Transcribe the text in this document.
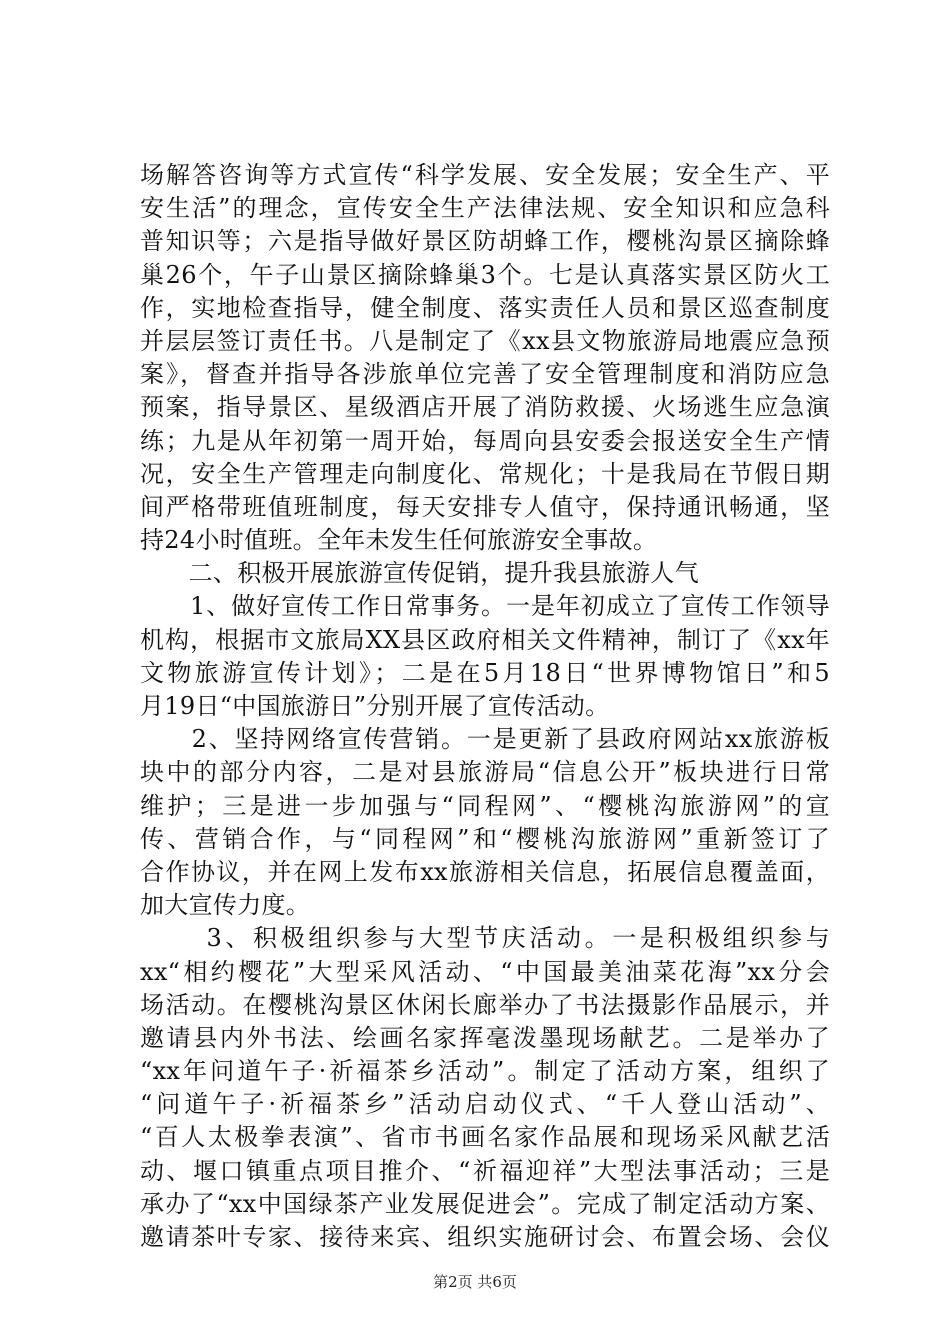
场解答咨询等方式宣传“科学发展、安全发展；安全生产、平
安生活”的理念，宣传安全生产法律法规、安全知识和应急科
普知识等；六是指导做好景区防胡蜂工作，樱桃沟景区摘除蜂
巢26个，午子山景区摘除蜂巢3个。七是认真落实景区防火工
作，实地检查指导，健全制度、落实责任人员和景区巡查制度
并层层签订责任书。八是制定了《xx县文物旅游局地震应急预
案》，督查并指导各涉旅单位完善了安全管理制度和消防应急
预案，指导景区、星级酒店开展了消防救援、火场逃生应急演
练；九是从年初第一周开始，每周向县安委会报送安全生产情
况，安全生产管理走向制度化、常规化；十是我局在节假日期
间严格带班值班制度，每天安排专人值守，保持通讯畅通，坚
持24小时值班。全年未发生任何旅游安全事故。
　　二、积极开展旅游宣传促销，提升我县旅游人气
　　1、做好宣传工作日常事务。一是年初成立了宣传工作领导
机构，根据市文旅局XX县区政府相关文件精神，制订了《xx年
文物旅游宣传计划》；二是在5月18日“世界博物馆日”和5
月19日“中国旅游日”分别开展了宣传活动。
　　2、坚持网络宣传营销。一是更新了县政府网站xx旅游板
块中的部分内容，二是对县旅游局“信息公开”板块进行日常
维护；三是进一步加强与“同程网”、“樱桃沟旅游网”的宣
传、营销合作，与“同程网”和“樱桃沟旅游网”重新签订了
合作协议，并在网上发布xx旅游相关信息，拓展信息覆盖面，
加大宣传力度。
　　 3、积极组织参与大型节庆活动。一是积极组织参与
xx“相约樱花”大型采风活动、“中国最美油菜花海”xx分会
场活动。在樱桃沟景区休闲长廊举办了书法摄影作品展示，并
邀请县内外书法、绘画名家挥毫泼墨现场献艺。二是举办了
“xx年问道午子·祈福茶乡活动”。制定了活动方案，组织了
“问道午子·祈福茶乡”活动启动仪式、“千人登山活动”、
“百人太极拳表演”、省市书画名家作品展和现场采风献艺活
动、堰口镇重点项目推介、“祈福迎祥”大型法事活动；三是
承办了“xx中国绿茶产业发展促进会”。完成了制定活动方案、
邀请茶叶专家、接待来宾、组织实施研讨会、布置会场、会仪
第2页 共6页
